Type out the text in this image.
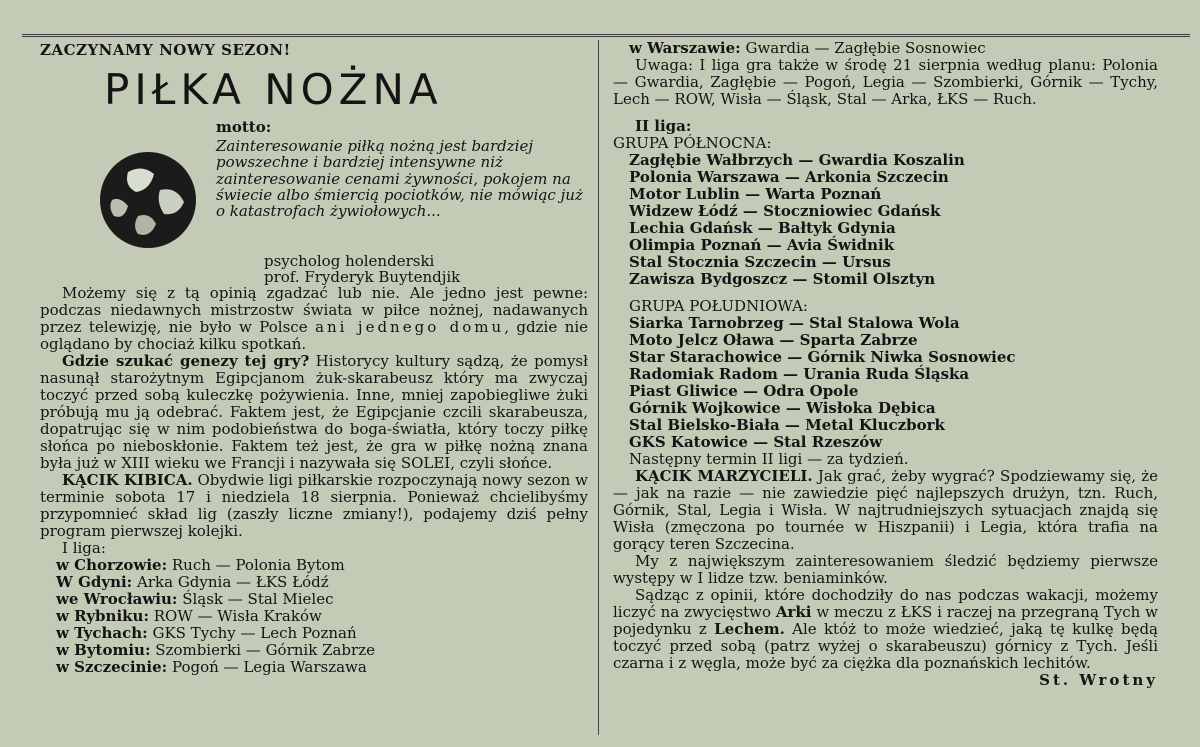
ZACZYNAMY NOWY SEZON!
PIŁKA NOŻNA
motto:
Zainteresowanie piłką nożną jest bardziej powszechne i bardziej intensywne niż zainteresowanie cenami żywności, pokojem na świecie albo śmiercią pociotków, nie mówiąc już o katastrofach żywiołowych...
psycholog holenderski
prof. Fryderyk Buytendjik

Możemy się z tą opinią zgadzać lub nie. Ale jedno jest pewne: podczas niedawnych mistrzostw świata w piłce nożnej, nadawanych przez telewizję, nie było w Polsce ani jednego domu, gdzie nie oglądano by chociaż kilku spotkań.

Gdzie szukać genezy tej gry? Historycy kultury sądzą, że pomysł nasunął starożytnym Egipcjanom żuk-skarabeusz który ma zwyczaj toczyć przed sobą kuleczkę pożywienia. Inne, mniej zapobiegliwe żuki próbują mu ją odebrać. Faktem jest, że Egipcjanie czcili skarabeusza, dopatrując się w nim podobieństwa do boga-światła, który toczy piłkę słońca po nieboskłonie. Faktem też jest, że gra w piłkę nożną znana była już w XIII wieku we Francji i nazywała się SOLEI, czyli słońce.

KĄCIK KIBICA. Obydwie ligi piłkarskie rozpoczynają nowy sezon w terminie sobota 17 i niedziela 18 sierpnia. Ponieważ chcielibyśmy przypomnieć skład lig (zaszły liczne zmiany!), podajemy dziś pełny program pierwszej kolejki.

I liga:
w Chorzowie: Ruch — Polonia Bytom
W Gdyni: Arka Gdynia — ŁKS Łódź
we Wrocławiu: Śląsk — Stal Mielec
w Rybniku: ROW — Wisła Kraków
w Tychach: GKS Tychy — Lech Poznań
w Bytomiu: Szombierki — Górnik Zabrze
w Szczecinie: Pogoń — Legia Warszawa
w Warszawie: Gwardia — Zagłębie Sosnowiec

Uwaga: I liga gra także w środę 21 sierpnia według planu: Polonia — Gwardia, Zagłębie — Pogoń, Legia — Szombierki, Górnik — Tychy, Lech — ROW, Wisła — Śląsk, Stal — Arka, ŁKS — Ruch.

II liga:
GRUPA PÓŁNOCNA:
Zagłębie Wałbrzych — Gwardia Koszalin
Polonia Warszawa — Arkonia Szczecin
Motor Lublin — Warta Poznań
Widzew Łódź — Stoczniowiec Gdańsk
Lechia Gdańsk — Bałtyk Gdynia
Olimpia Poznań — Avia Świdnik
Stal Stocznia Szczecin — Ursus
Zawisza Bydgoszcz — Stomil Olsztyn
GRUPA POŁUDNIOWA:
Siarka Tarnobrzeg — Stal Stalowa Wola
Moto Jelcz Oława — Sparta Zabrze
Star Starachowice — Górnik Niwka Sosnowiec
Radomiak Radom — Urania Ruda Śląska
Piast Gliwice — Odra Opole
Górnik Wojkowice — Wisłoka Dębica
Stal Bielsko-Biała — Metal Kluczbork
GKS Katowice — Stal Rzeszów
Następny termin II ligi — za tydzień.

KĄCIK MARZYCIELI. Jak grać, żeby wygrać? Spodziewamy się, że — jak na razie — nie zawiedzie pięć najlepszych drużyn, tzn. Ruch, Górnik, Stal, Legia i Wisła. W najtrudniejszych sytuacjach znajdą się Wisła (zmęczona po tournée w Hiszpanii) i Legia, która trafia na gorący teren Szczecina.

My z największym zainteresowaniem śledzić będziemy pierwsze występy w I lidze tzw. beniaminków.

Sądząc z opinii, które dochodziły do nas podczas wakacji, możemy liczyć na zwycięstwo Arki w meczu z ŁKS i raczej na przegraną Tych w pojedynku z Lechem. Ale któż to może wiedzieć, jaką tę kulkę będą toczyć przed sobą (patrz wyżej o skarabeuszu) górnicy z Tych. Jeśli czarna i z węgla, może być za ciężka dla poznańskich lechitów.

St. Wrotny
